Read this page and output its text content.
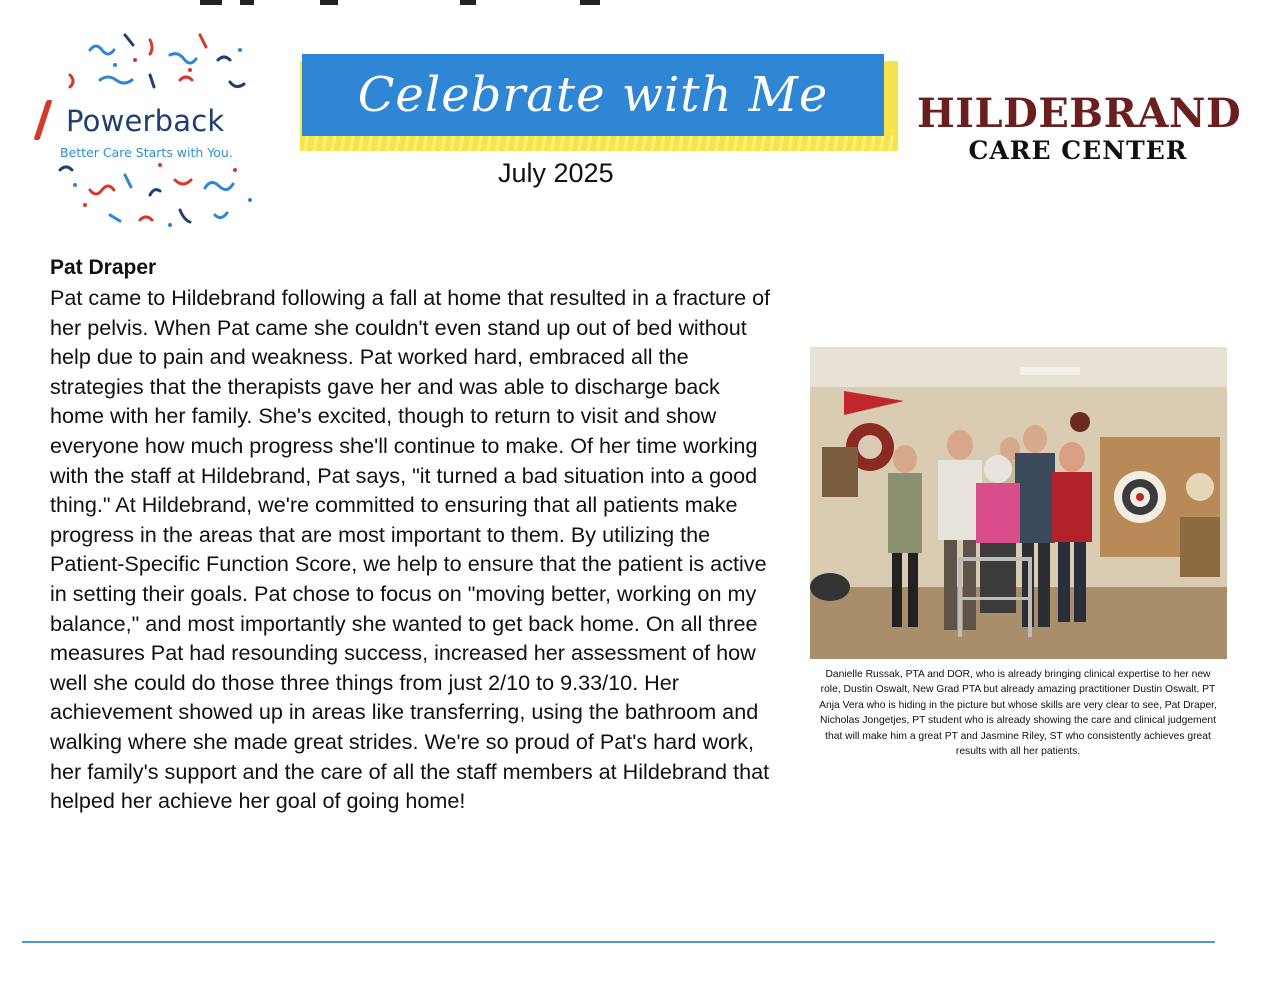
Powerback
Better Care Starts with You.
Celebrate with Me
July 2025
HILDEBRAND
CARE CENTER
Pat Draper
Pat came to Hildebrand following a fall at home that resulted in a fracture of her pelvis. When Pat came she couldn't even stand up out of bed without help due to pain and weakness. Pat worked hard, embraced all the strategies that the therapists gave her and was able to discharge back home with her family. She's excited, though to return to visit and show everyone how much progress she'll continue to make. Of her time working with the staff at Hildebrand, Pat says, "it turned a bad situation into a good thing." At Hildebrand, we're committed to ensuring that all patients make progress in the areas that are most important to them. By utilizing the Patient-Specific Function Score, we help to ensure that the patient is active in setting their goals. Pat chose to focus on "moving better, working on my balance," and most importantly she wanted to get back home. On all three measures Pat had resounding success, increased her assessment of how well she could do those three things from just 2/10 to 9.33/10. Her achievement showed up in areas like transferring, using the bathroom and walking where she made great strides. We're so proud of Pat's hard work, her family's support and the care of all the staff members at Hildebrand that helped her achieve her goal of going home!
Danielle Russak, PTA and DOR, who is already bringing clinical expertise to her new role, Dustin Oswalt, New Grad PTA but already amazing practitioner Dustin Oswalt, PT Anja Vera who is hiding in the picture but whose skills are very clear to see, Pat Draper, Nicholas Jongetjes, PT student who is already showing the care and clinical judgement that will make him a great PT and Jasmine Riley, ST who consistently achieves great results with all her patients.
